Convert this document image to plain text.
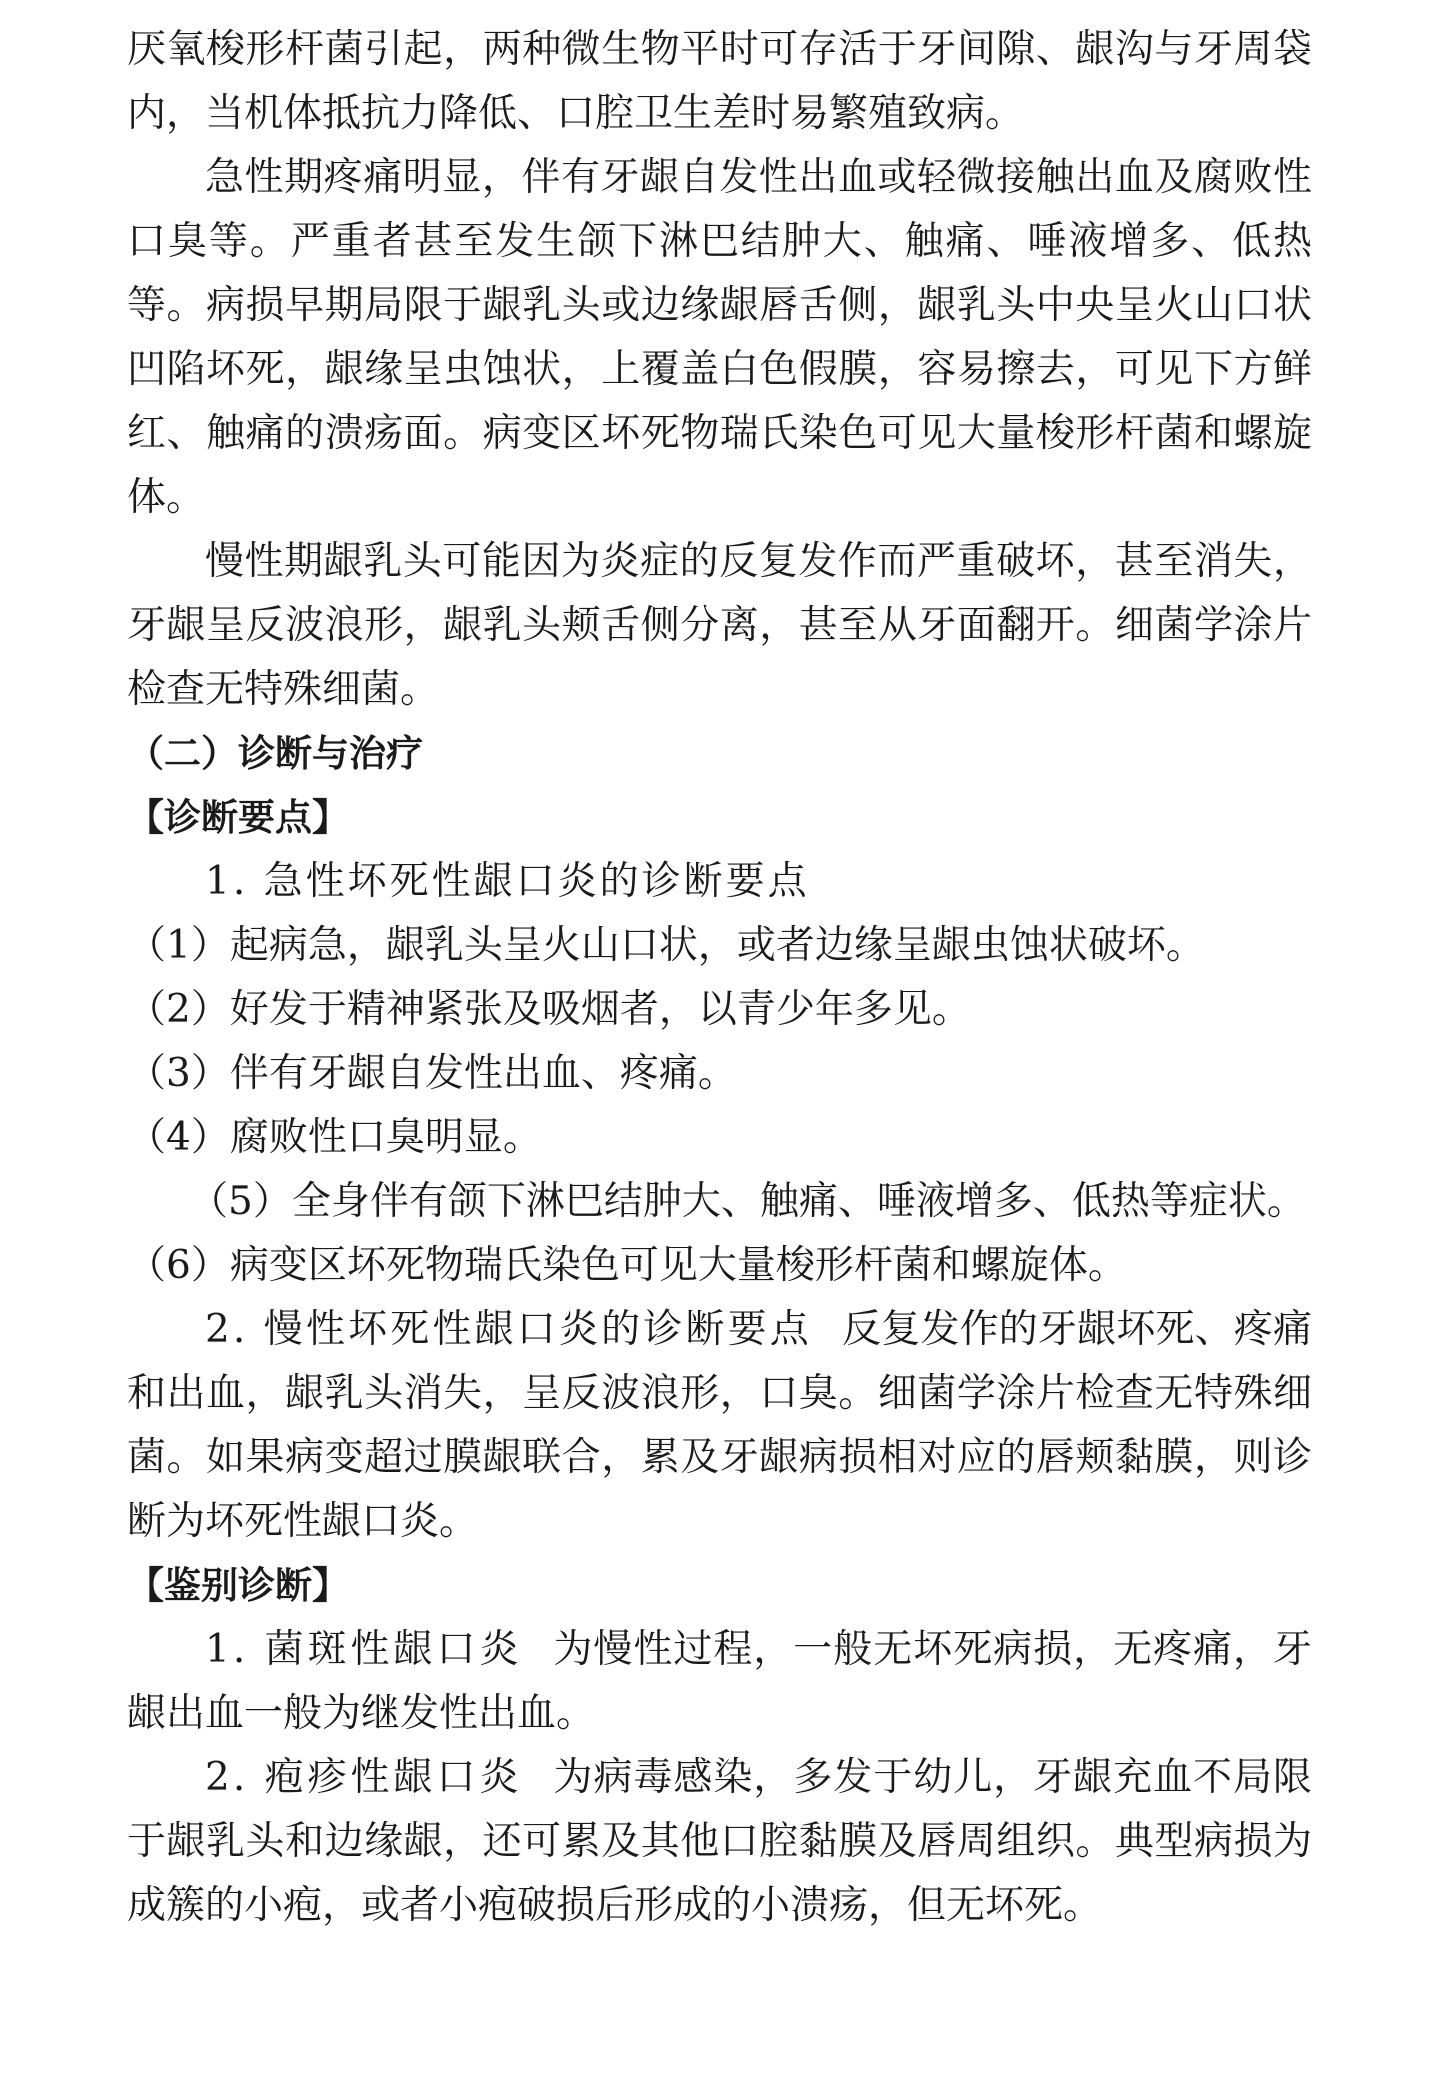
厌氧梭形杆菌引起，两种微生物平时可存活于牙间隙、龈沟与牙周袋内，当机体抵抗力降低、口腔卫生差时易繁殖致病。

急性期疼痛明显，伴有牙龈自发性出血或轻微接触出血及腐败性口臭等。严重者甚至发生颌下淋巴结肿大、触痛、唾液增多、低热等。病损早期局限于龈乳头或边缘龈唇舌侧，龈乳头中央呈火山口状凹陷坏死，龈缘呈虫蚀状，上覆盖白色假膜，容易擦去，可见下方鲜红、触痛的溃疡面。病变区坏死物瑞氏染色可见大量梭形杆菌和螺旋体。

慢性期龈乳头可能因为炎症的反复发作而严重破坏，甚至消失，牙龈呈反波浪形，龈乳头颊舌侧分离，甚至从牙面翻开。细菌学涂片检查无特殊细菌。

（二）诊断与治疗

【诊断要点】

1. 急性坏死性龈口炎的诊断要点

（1）起病急，龈乳头呈火山口状，或者边缘呈龈虫蚀状破坏。

（2）好发于精神紧张及吸烟者，以青少年多见。

（3）伴有牙龈自发性出血、疼痛。

（4）腐败性口臭明显。

（5）全身伴有颌下淋巴结肿大、触痛、唾液增多、低热等症状。

（6）病变区坏死物瑞氏染色可见大量梭形杆菌和螺旋体。

2. 慢性坏死性龈口炎的诊断要点 反复发作的牙龈坏死、疼痛和出血，龈乳头消失，呈反波浪形，口臭。细菌学涂片检查无特殊细菌。如果病变超过膜龈联合，累及牙龈病损相对应的唇颊黏膜，则诊断为坏死性龈口炎。

【鉴别诊断】

1. 菌斑性龈口炎 为慢性过程，一般无坏死病损，无疼痛，牙龈出血一般为继发性出血。

2. 疱疹性龈口炎 为病毒感染，多发于幼儿，牙龈充血不局限于龈乳头和边缘龈，还可累及其他口腔黏膜及唇周组织。典型病损为成簇的小疱，或者小疱破损后形成的小溃疡，但无坏死。
